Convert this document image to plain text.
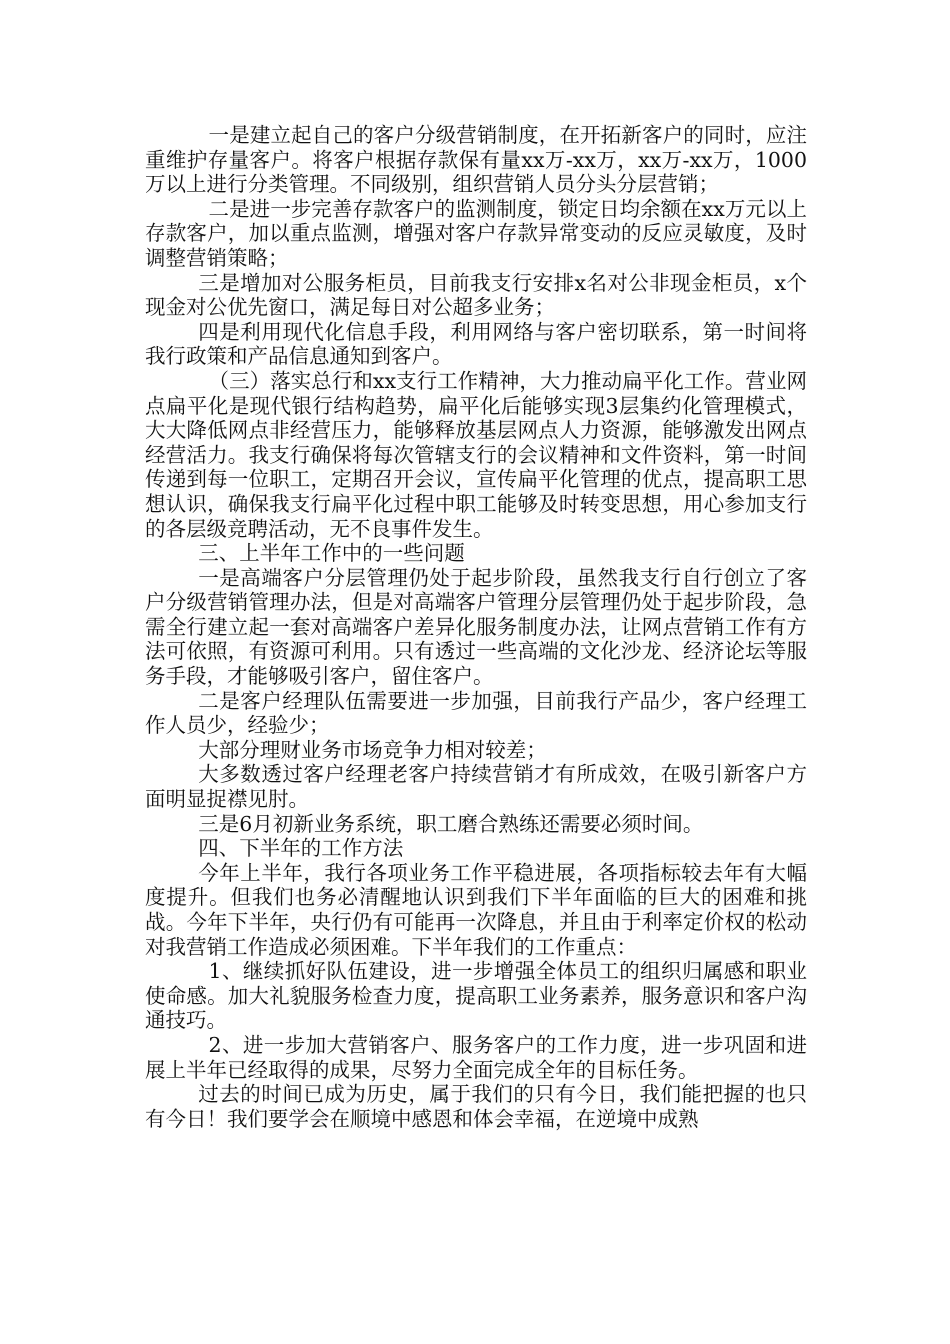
一是建立起自己的客户分级营销制度，在开拓新客户的同时，应注重维护存量客户。将客户根据存款保有量xx万-xx万，xx万-xx万，1000万以上进行分类管理。不同级别，组织营销人员分头分层营销；

二是进一步完善存款客户的监测制度，锁定日均余额在xx万元以上存款客户，加以重点监测，增强对客户存款异常变动的反应灵敏度，及时调整营销策略；

三是增加对公服务柜员，目前我支行安排x名对公非现金柜员，x个现金对公优先窗口，满足每日对公超多业务；

四是利用现代化信息手段，利用网络与客户密切联系，第一时间将我行政策和产品信息通知到客户。

（三）落实总行和xx支行工作精神，大力推动扁平化工作。营业网点扁平化是现代银行结构趋势，扁平化后能够实现3层集约化管理模式，大大降低网点非经营压力，能够释放基层网点人力资源，能够激发出网点经营活力。我支行确保将每次管辖支行的会议精神和文件资料，第一时间传递到每一位职工，定期召开会议，宣传扁平化管理的优点，提高职工思想认识，确保我支行扁平化过程中职工能够及时转变思想，用心参加支行的各层级竞聘活动，无不良事件发生。

三、上半年工作中的一些问题

一是高端客户分层管理仍处于起步阶段，虽然我支行自行创立了客户分级营销管理办法，但是对高端客户管理分层管理仍处于起步阶段，急需全行建立起一套对高端客户差异化服务制度办法，让网点营销工作有方法可依照，有资源可利用。只有透过一些高端的文化沙龙、经济论坛等服务手段，才能够吸引客户，留住客户。

二是客户经理队伍需要进一步加强，目前我行产品少，客户经理工作人员少，经验少；

大部分理财业务市场竞争力相对较差；

大多数透过客户经理老客户持续营销才有所成效，在吸引新客户方面明显捉襟见肘。

三是6月初新业务系统，职工磨合熟练还需要必须时间。

四、下半年的工作方法

今年上半年，我行各项业务工作平稳进展，各项指标较去年有大幅度提升。但我们也务必清醒地认识到我们下半年面临的巨大的困难和挑战。今年下半年，央行仍有可能再一次降息，并且由于利率定价权的松动对我营销工作造成必须困难。下半年我们的工作重点：

1、继续抓好队伍建设，进一步增强全体员工的组织归属感和职业使命感。加大礼貌服务检查力度，提高职工业务素养，服务意识和客户沟通技巧。

2、进一步加大营销客户、服务客户的工作力度，进一步巩固和进展上半年已经取得的成果，尽努力全面完成全年的目标任务。

过去的时间已成为历史，属于我们的只有今日，我们能把握的也只有今日！我们要学会在顺境中感恩和体会幸福，在逆境中成熟
